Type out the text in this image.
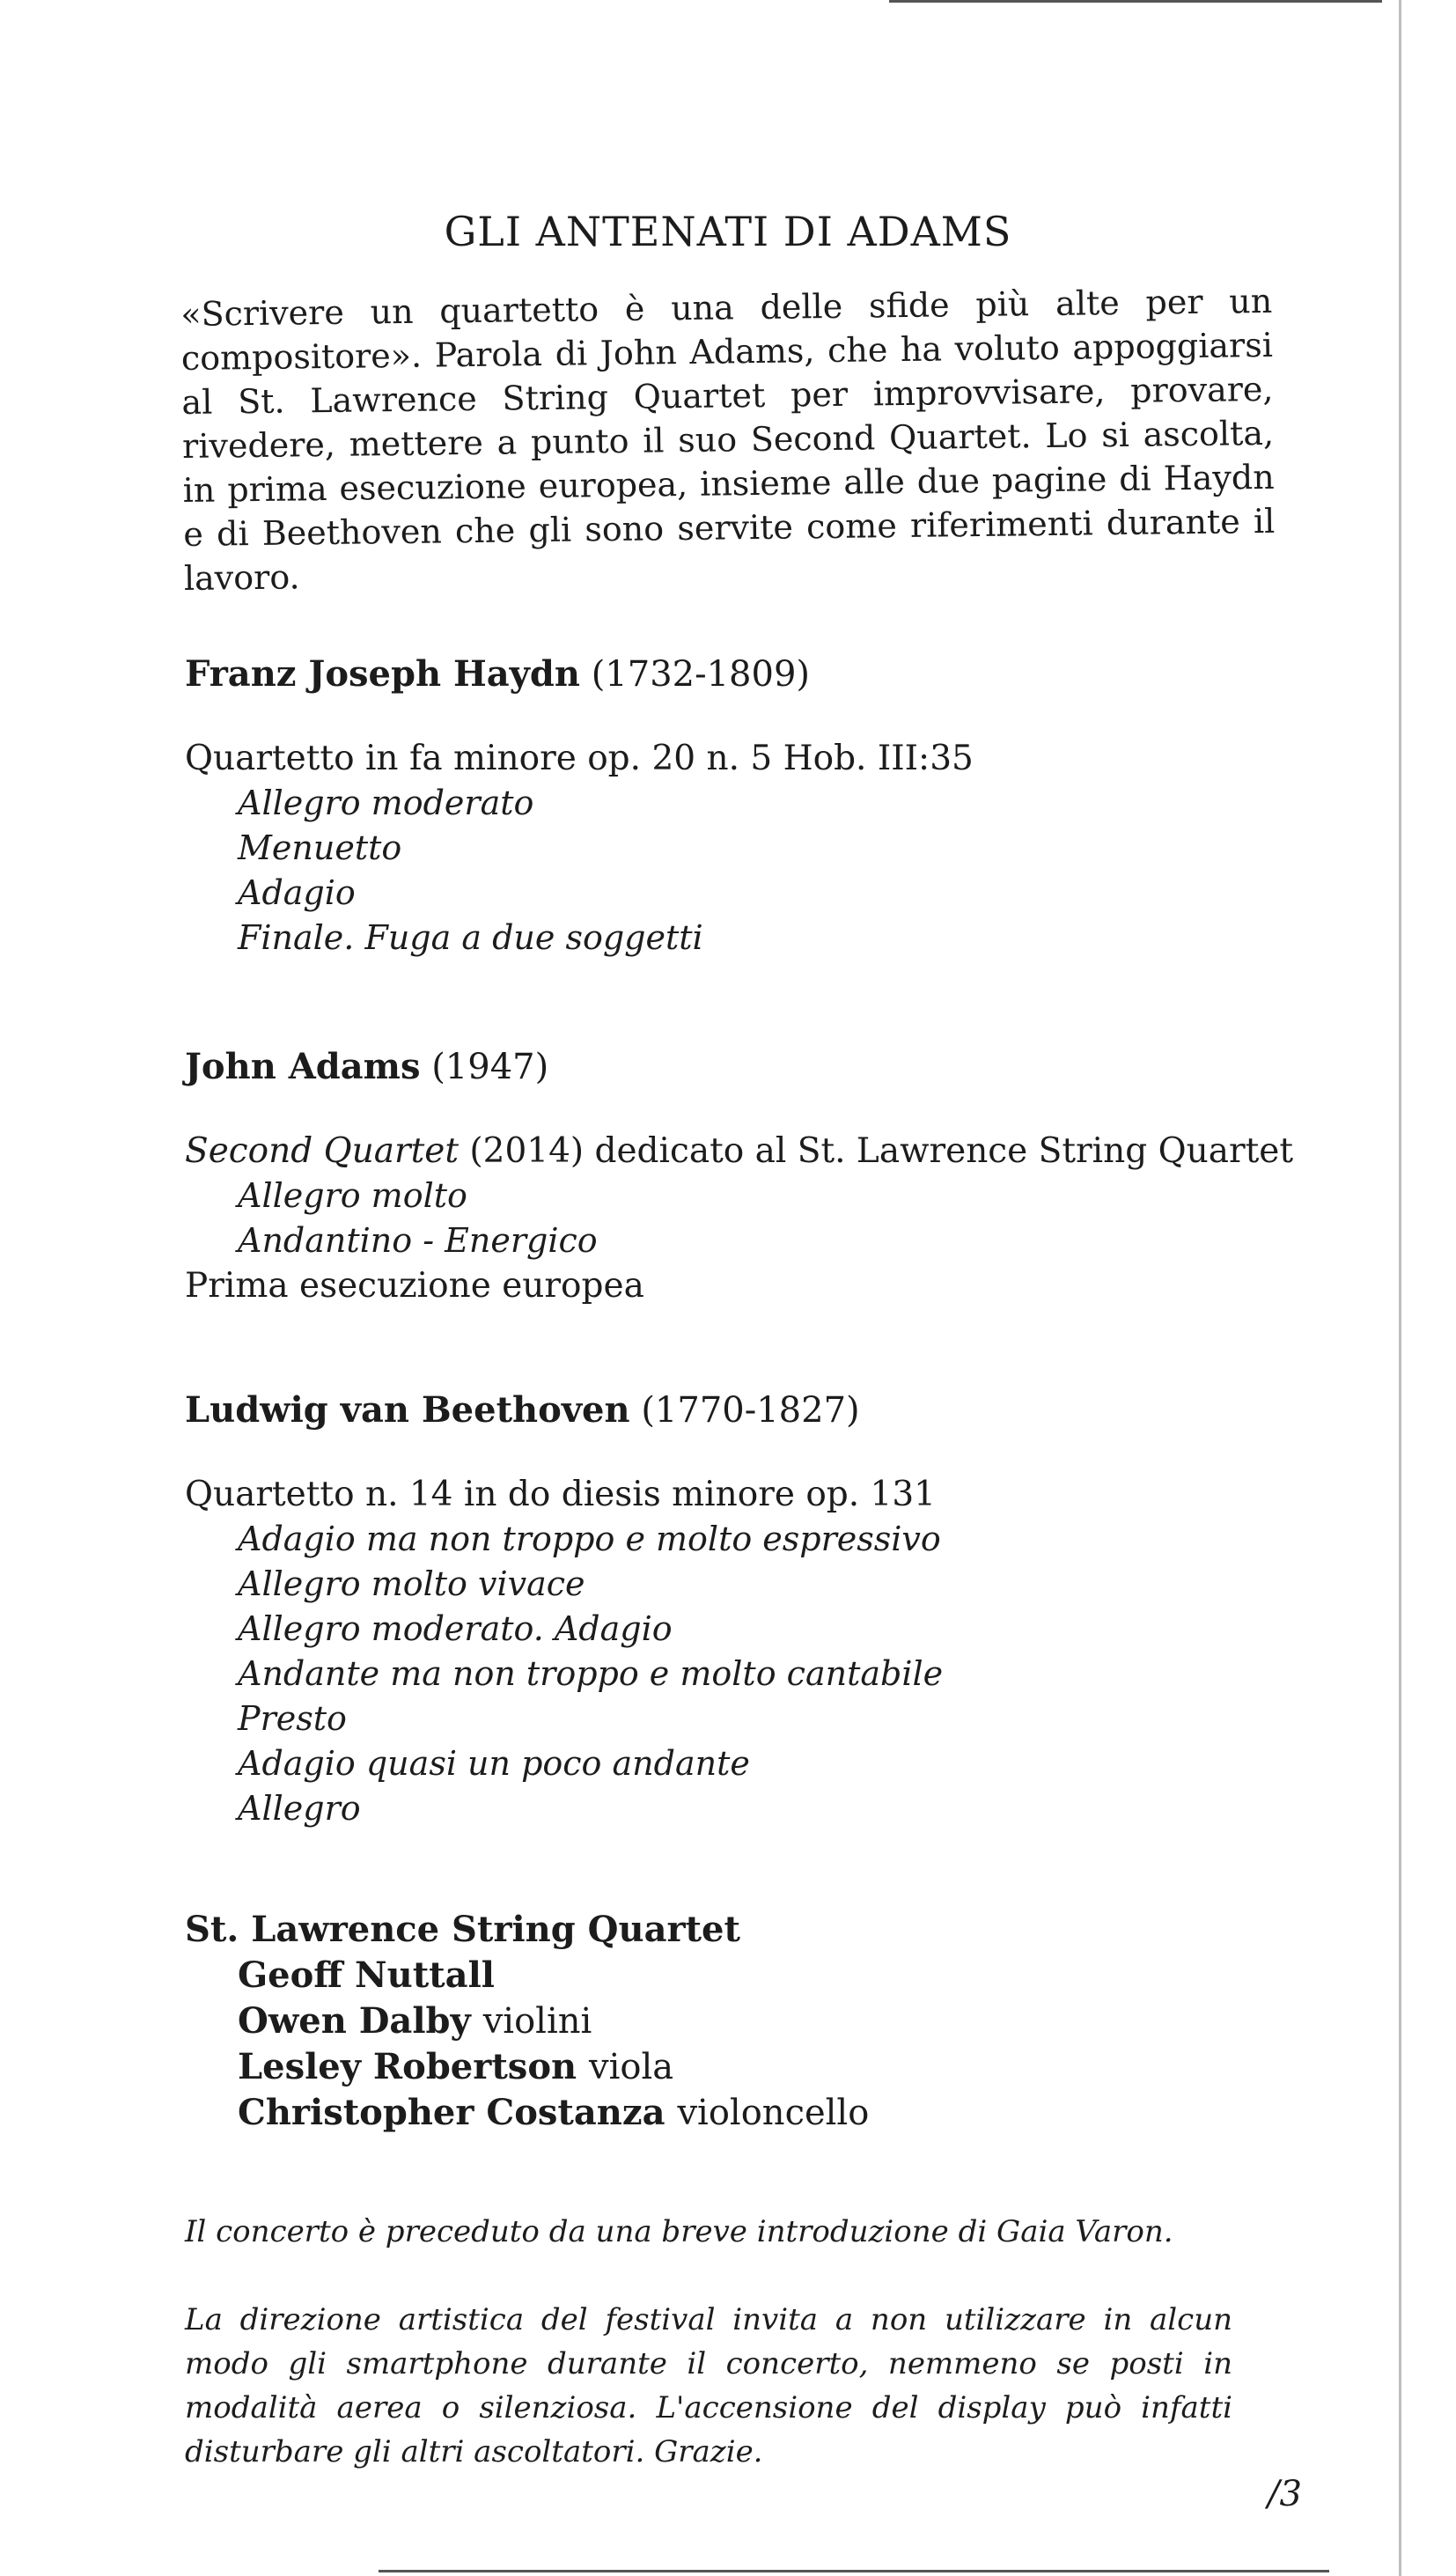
GLI ANTENATI DI ADAMS

«Scrivere un quartetto è una delle sfide più alte per un compositore». Parola di John Adams, che ha voluto appoggiarsi al St. Lawrence String Quartet per improvvisare, provare, rivedere, mettere a punto il suo Second Quartet. Lo si ascolta, in prima esecuzione europea, insieme alle due pagine di Haydn e di Beethoven che gli sono servite come riferimenti durante il lavoro.

Franz Joseph Haydn (1732-1809)
Quartetto in fa minore op. 20 n. 5 Hob. III:35
Allegro moderato
Menuetto
Adagio
Finale. Fuga a due soggetti
John Adams (1947)
Second Quartet (2014) dedicato al St. Lawrence String Quartet
Allegro molto
Andantino - Energico
Prima esecuzione europea
Ludwig van Beethoven (1770-1827)
Quartetto n. 14 in do diesis minore op. 131
Adagio ma non troppo e molto espressivo
Allegro molto vivace
Allegro moderato. Adagio
Andante ma non troppo e molto cantabile
Presto
Adagio quasi un poco andante
Allegro
St. Lawrence String Quartet
Geoff Nuttall
Owen Dalby violini
Lesley Robertson viola
Christopher Costanza violoncello

Il concerto è preceduto da una breve introduzione di Gaia Varon.

La direzione artistica del festival invita a non utilizzare in alcun modo gli smartphone durante il concerto, nemmeno se posti in modalità aerea o silenziosa. L'accensione del display può infatti disturbare gli altri ascoltatori. Grazie.

/3
